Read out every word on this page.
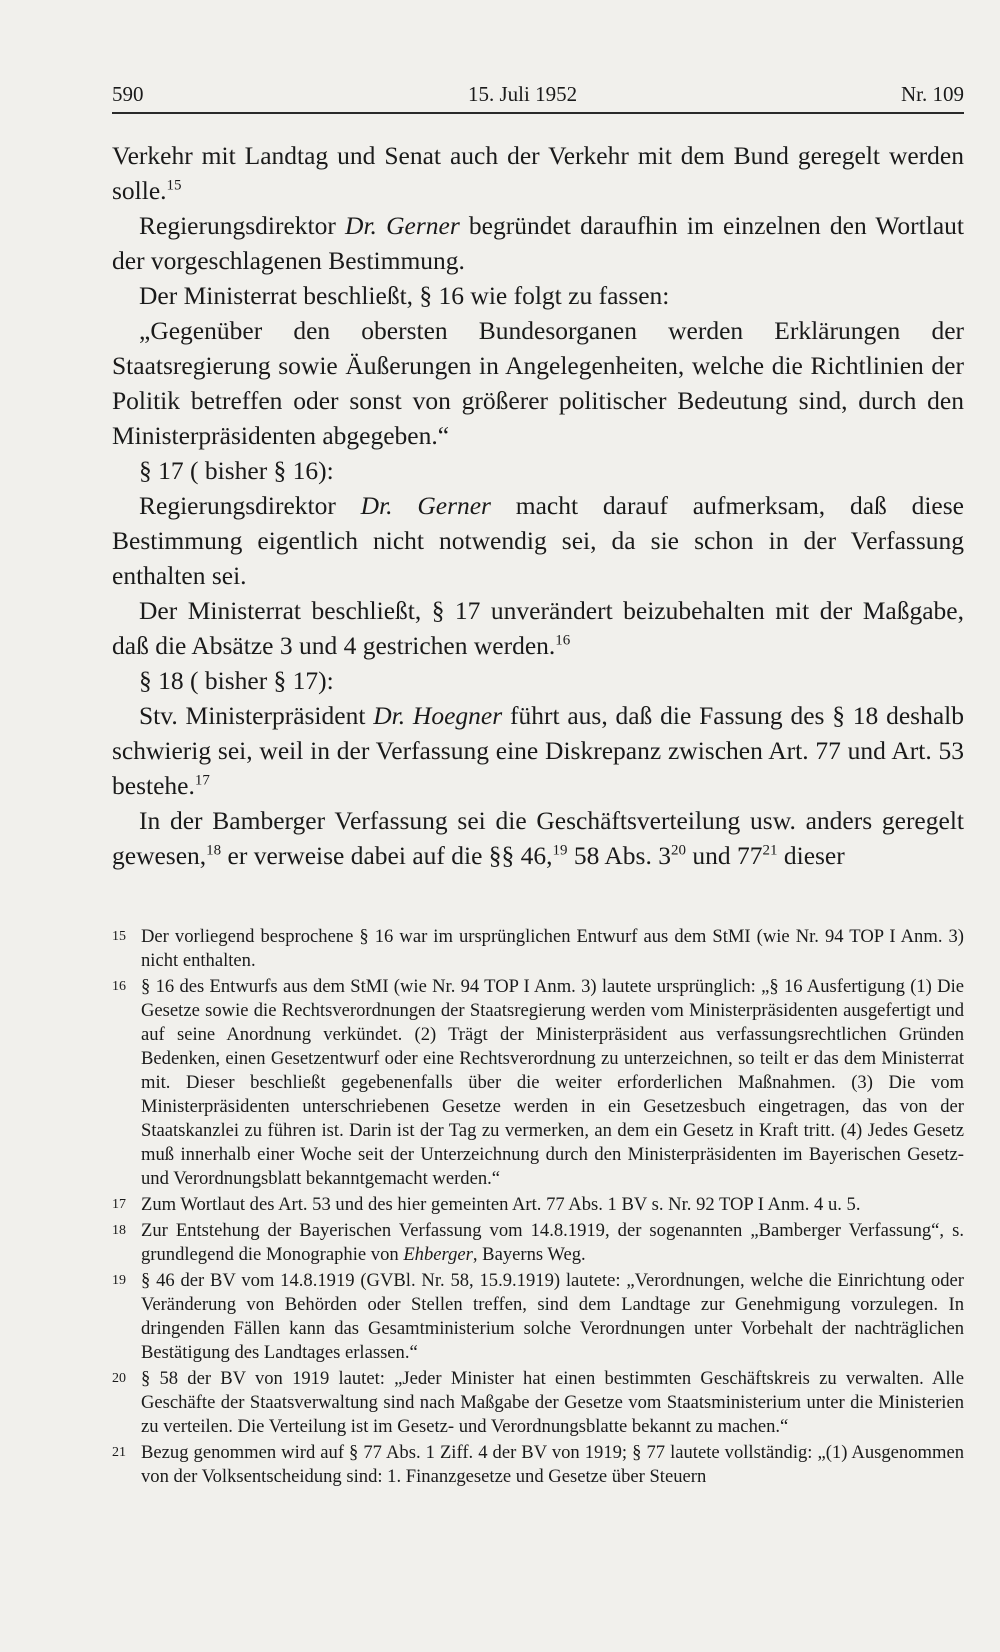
590	15. Juli 1952	Nr. 109

Verkehr mit Landtag und Senat auch der Verkehr mit dem Bund geregelt werden solle.$^{15}$

Regierungsdirektor Dr. Gerner begründet daraufhin im einzelnen den Wortlaut der vorgeschlagenen Bestimmung.

Der Ministerrat beschließt, § 16 wie folgt zu fassen:

„Gegenüber den obersten Bundesorganen werden Erklärungen der Staatsregierung sowie Äußerungen in Angelegenheiten, welche die Richtlinien der Politik betreffen oder sonst von größerer politischer Bedeutung sind, durch den Ministerpräsidenten abgegeben.“

§ 17 ( bisher § 16):

Regierungsdirektor Dr. Gerner macht darauf aufmerksam, daß diese Bestimmung eigentlich nicht notwendig sei, da sie schon in der Verfassung enthalten sei.

Der Ministerrat beschließt, § 17 unverändert beizubehalten mit der Maßgabe, daß die Absätze 3 und 4 gestrichen werden.$^{16}$

§ 18 ( bisher § 17):

Stv. Ministerpräsident Dr. Hoegner führt aus, daß die Fassung des § 18 deshalb schwierig sei, weil in der Verfassung eine Diskrepanz zwischen Art. 77 und Art. 53 bestehe.$^{17}$

In der Bamberger Verfassung sei die Geschäftsverteilung usw. anders geregelt gewesen,$^{18}$ er verweise dabei auf die §§ 46,19 58 Abs. $3^{20}$ und $77^{21}$ dieser

15 Der vorliegend besprochene § 16 war im ursprünglichen Entwurf aus dem StMI (wie Nr. 94 TOP I Anm. 3) nicht enthalten.
16 § 16 des Entwurfs aus dem StMI (wie Nr. 94 TOP I Anm. 3) lautete ursprünglich: „§ 16 Ausfertigung (1) Die Gesetze sowie die Rechtsverordnungen der Staatsregierung werden vom Ministerpräsidenten ausgefertigt und auf seine Anordnung verkündet. (2) Trägt der Ministerpräsident aus verfassungsrechtlichen Gründen Bedenken, einen Gesetzentwurf oder eine Rechtsverordnung zu unterzeichnen, so teilt er das dem Ministerrat mit. Dieser beschließt gegebenenfalls über die weiter erforderlichen Maßnahmen. (3) Die vom Ministerpräsidenten unterschriebenen Gesetze werden in ein Gesetzesbuch eingetragen, das von der Staatskanzlei zu führen ist. Darin ist der Tag zu vermerken, an dem ein Gesetz in Kraft tritt. (4) Jedes Gesetz muß innerhalb einer Woche seit der Unterzeichnung durch den Ministerpräsidenten im Bayerischen Gesetz- und Verordnungsblatt bekanntgemacht werden.“
17 Zum Wortlaut des Art. 53 und des hier gemeinten Art. 77 Abs. 1 BV s. Nr. 92 TOP I Anm. 4 u. 5.
18 Zur Entstehung der Bayerischen Verfassung vom 14.8.1919, der sogenannten „Bamberger Verfassung“, s. grundlegend die Monographie von Ehberger, Bayerns Weg.
19 § 46 der BV vom 14.8.1919 (GVBl. Nr. 58, 15.9.1919) lautete: „Verordnungen, welche die Einrichtung oder Veränderung von Behörden oder Stellen treffen, sind dem Landtage zur Genehmigung vorzulegen. In dringenden Fällen kann das Gesamtministerium solche Verordnungen unter Vorbehalt der nachträglichen Bestätigung des Landtages erlassen.“
20 § 58 der BV von 1919 lautet: „Jeder Minister hat einen bestimmten Geschäftskreis zu verwalten. Alle Geschäfte der Staatsverwaltung sind nach Maßgabe der Gesetze vom Staatsministerium unter die Ministerien zu verteilen. Die Verteilung ist im Gesetz- und Verordnungsblatte bekannt zu machen.“
21 Bezug genommen wird auf § 77 Abs. 1 Ziff. 4 der BV von 1919; § 77 lautete vollständig: „(1) Ausgenommen von der Volksentscheidung sind: 1. Finanzgesetze und Gesetze über Steuern
